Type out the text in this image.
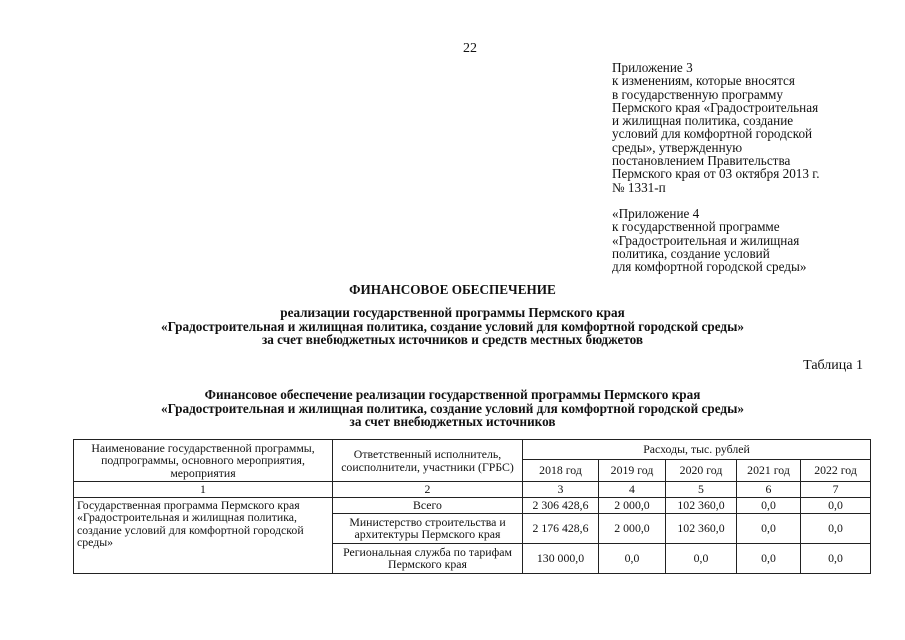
22
Приложение 3
к изменениям, которые вносятся
в государственную программу
Пермского края «Градостроительная
и жилищная политика, создание
условий для комфортной городской
среды», утвержденную
постановлением Правительства
Пермского края от 03 октября 2013 г.
№ 1331-п
«Приложение 4
к государственной программе
«Градостроительная и жилищная
политика, создание условий
для комфортной городской среды»
ФИНАНСОВОЕ ОБЕСПЕЧЕНИЕ
реализации государственной программы Пермского края
«Градостроительная и жилищная политика, создание условий для комфортной городской среды»
за счет внебюджетных источников и средств местных бюджетов
Таблица 1
Финансовое обеспечение реализации государственной программы Пермского края
«Градостроительная и жилищная политика, создание условий для комфортной городской среды»
за счет внебюджетных источников
Наименование государственной программы, подпрограммы, основного мероприятия, мероприятия	Ответственный исполнитель, соисполнители, участники (ГРБС)	Расходы, тыс. рублей				
		2018 год	2019 год	2020 год	2021 год	2022 год
1	2	3	4	5	6	7
Государственная программа Пермского края «Градостроительная и жилищная политика, создание условий для комфортной городской среды»	Всего	2 306 428,6	2 000,0	102 360,0	0,0	0,0
	Министерство строительства и архитектуры Пермского края	2 176 428,6	2 000,0	102 360,0	0,0	0,0
	Региональная служба по тарифам Пермского края	130 000,0	0,0	0,0	0,0	0,0
